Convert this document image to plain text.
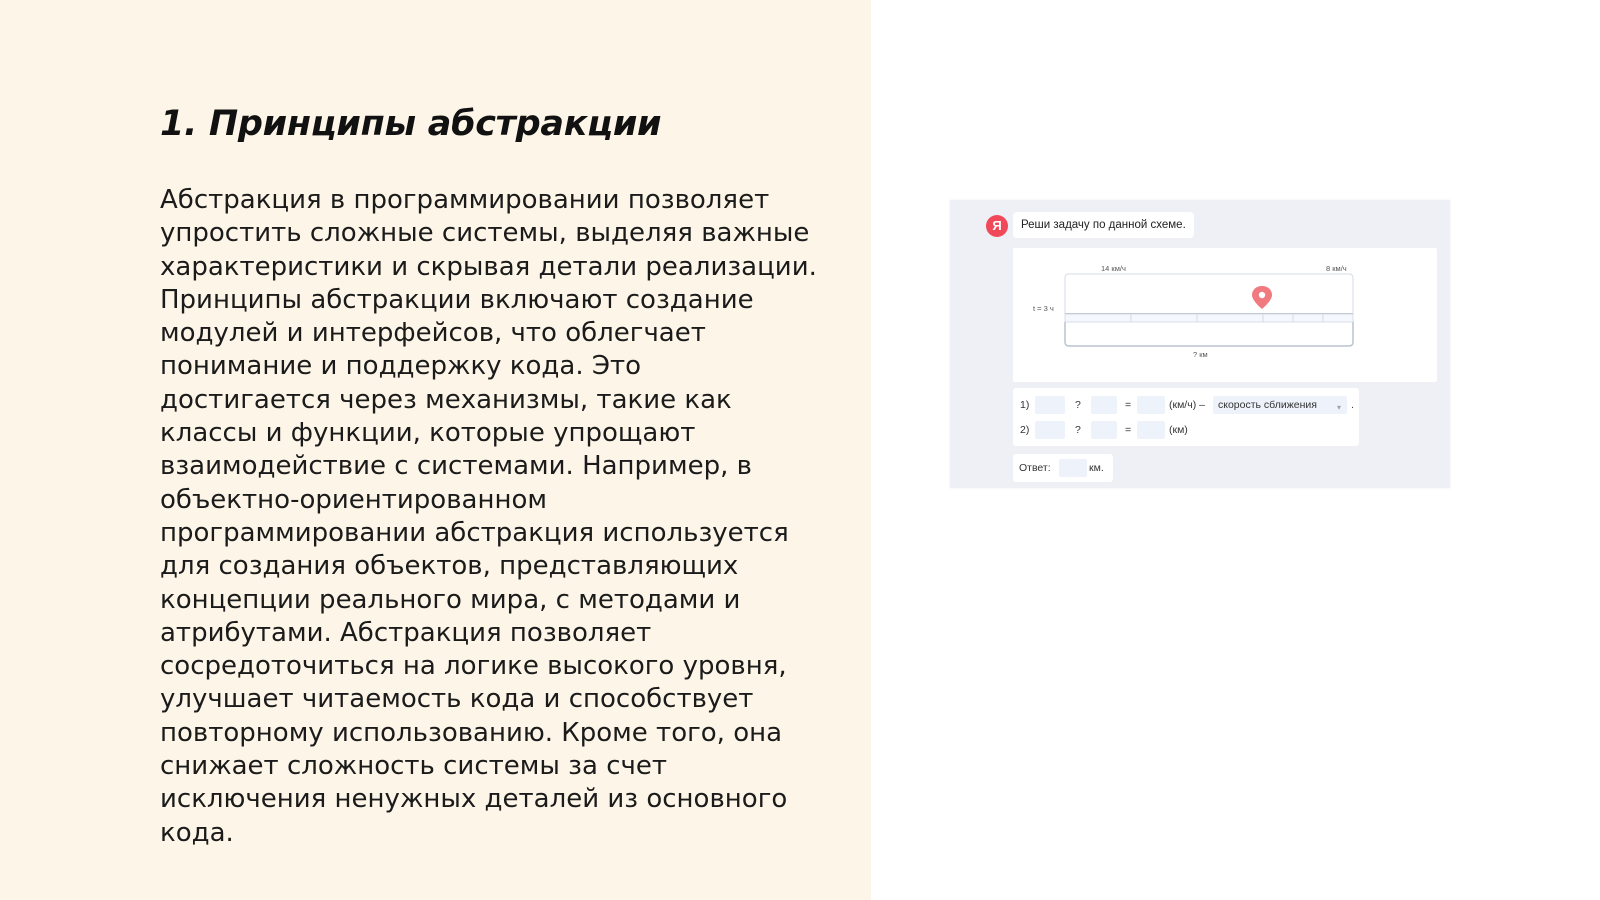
1. Принципы абстракции

Абстракция в программировании позволяет упростить сложные системы, выделяя важные характеристики и скрывая детали реализации. Принципы абстракции включают создание модулей и интерфейсов, что облегчает понимание и поддержку кода. Это достигается через механизмы, такие как классы и функции, которые упрощают взаимодействие с системами. Например, в объектно-ориентированном программировании абстракция используется для создания объектов, представляющих концепции реального мира, с методами и атрибутами. Абстракция позволяет сосредоточиться на логике высокого уровня, улучшает читаемость кода и способствует повторному использованию. Кроме того, она снижает сложность системы за счет исключения ненужных деталей из основного кода.

Я	Реши задачу по данной схеме.
14 км/ч	8 км/ч
t = 3 ч
? км
1)	?	=	(км/ч) –	скорость сближения	▾ .
2)	?	=	(км)
Ответ:	км.
